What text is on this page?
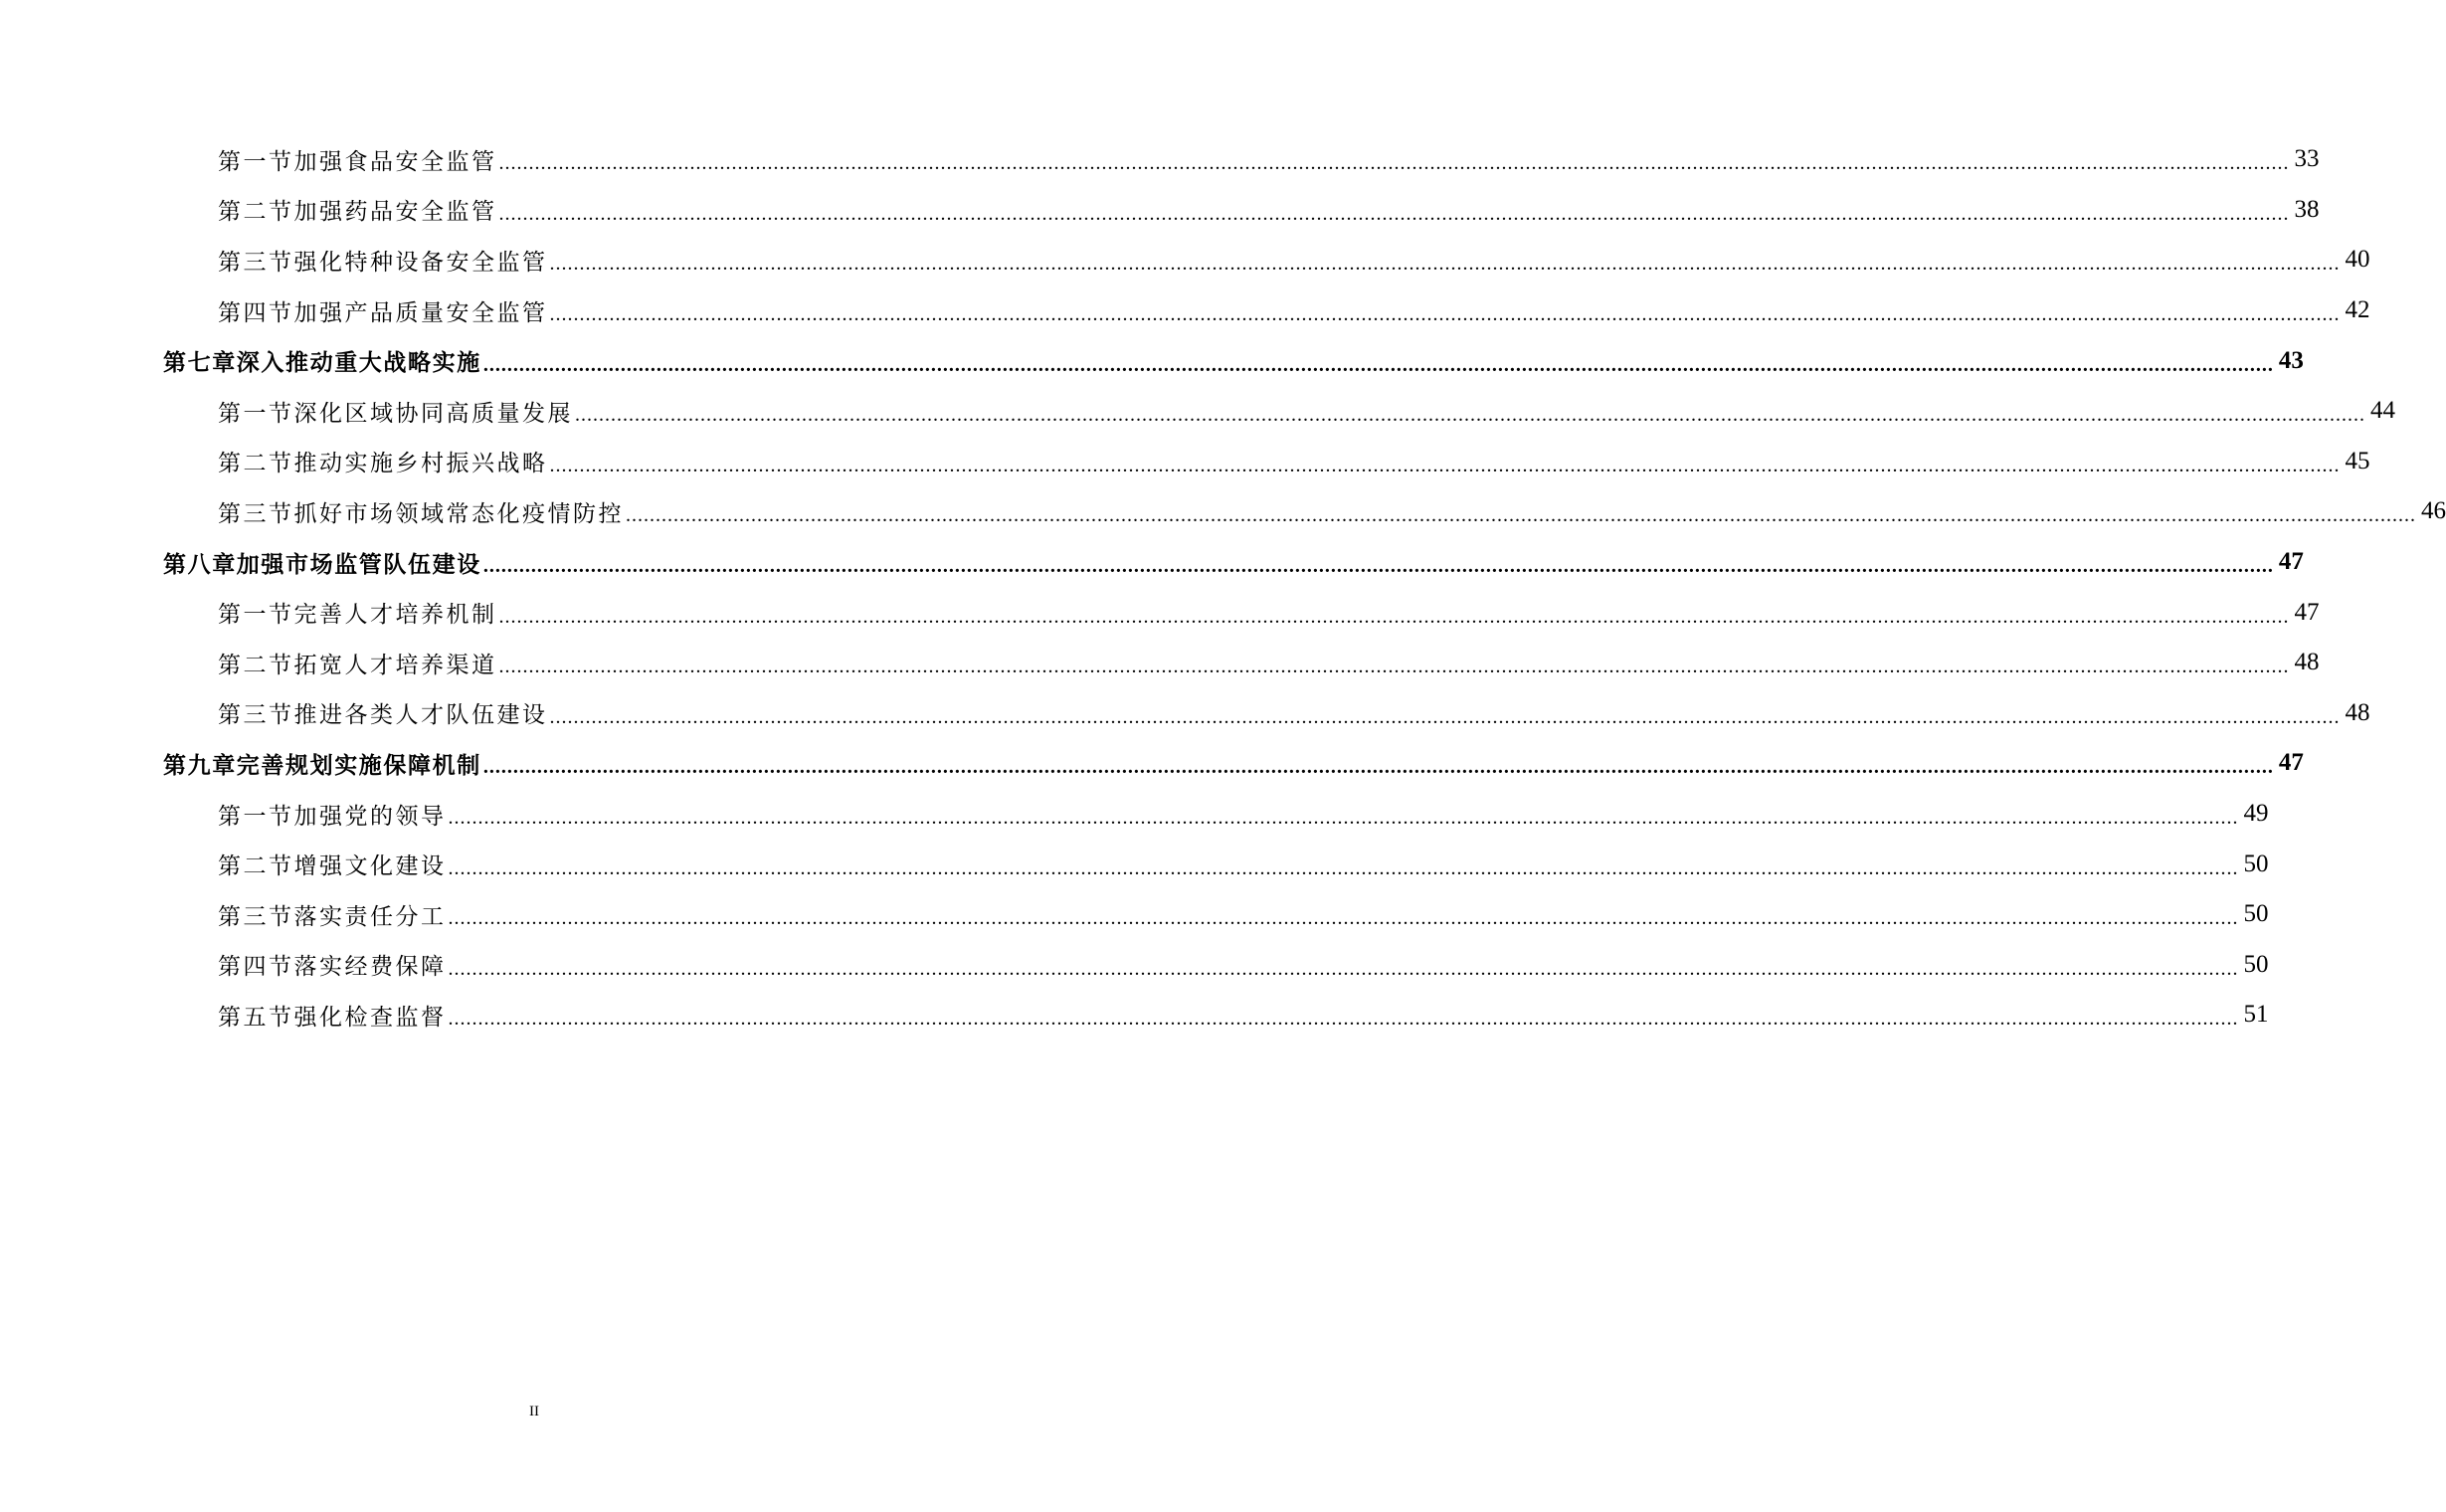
第一节加强食品安全监管 ............................................................................................................................................................................................................................................................................................................ 33
第二节加强药品安全监管 ............................................................................................................................................................................................................................................................................................................ 38
第三节强化特种设备安全监管 ............................................................................................................................................................................................................................................................................................................ 40
第四节加强产品质量安全监管 ............................................................................................................................................................................................................................................................................................................ 42
第七章深入推动重大战略实施 ............................................................................................................................................................................................................................................................................................................ 43
第一节深化区域协同高质量发展 ............................................................................................................................................................................................................................................................................................................ 44
第二节推动实施乡村振兴战略 ............................................................................................................................................................................................................................................................................................................ 45
第三节抓好市场领域常态化疫情防控 ............................................................................................................................................................................................................................................................................................................ 46
第八章加强市场监管队伍建设 ............................................................................................................................................................................................................................................................................................................ 47
第一节完善人才培养机制 ............................................................................................................................................................................................................................................................................................................ 47
第二节拓宽人才培养渠道 ............................................................................................................................................................................................................................................................................................................ 48
第三节推进各类人才队伍建设 ............................................................................................................................................................................................................................................................................................................ 48
第九章完善规划实施保障机制 ............................................................................................................................................................................................................................................................................................................ 47
第一节加强党的领导 ............................................................................................................................................................................................................................................................................................................ 49
第二节增强文化建设 ............................................................................................................................................................................................................................................................................................................ 50
第三节落实责任分工 ............................................................................................................................................................................................................................................................................................................ 50
第四节落实经费保障 ............................................................................................................................................................................................................................................................................................................ 50
第五节强化检查监督 ............................................................................................................................................................................................................................................................................................................ 51
II
